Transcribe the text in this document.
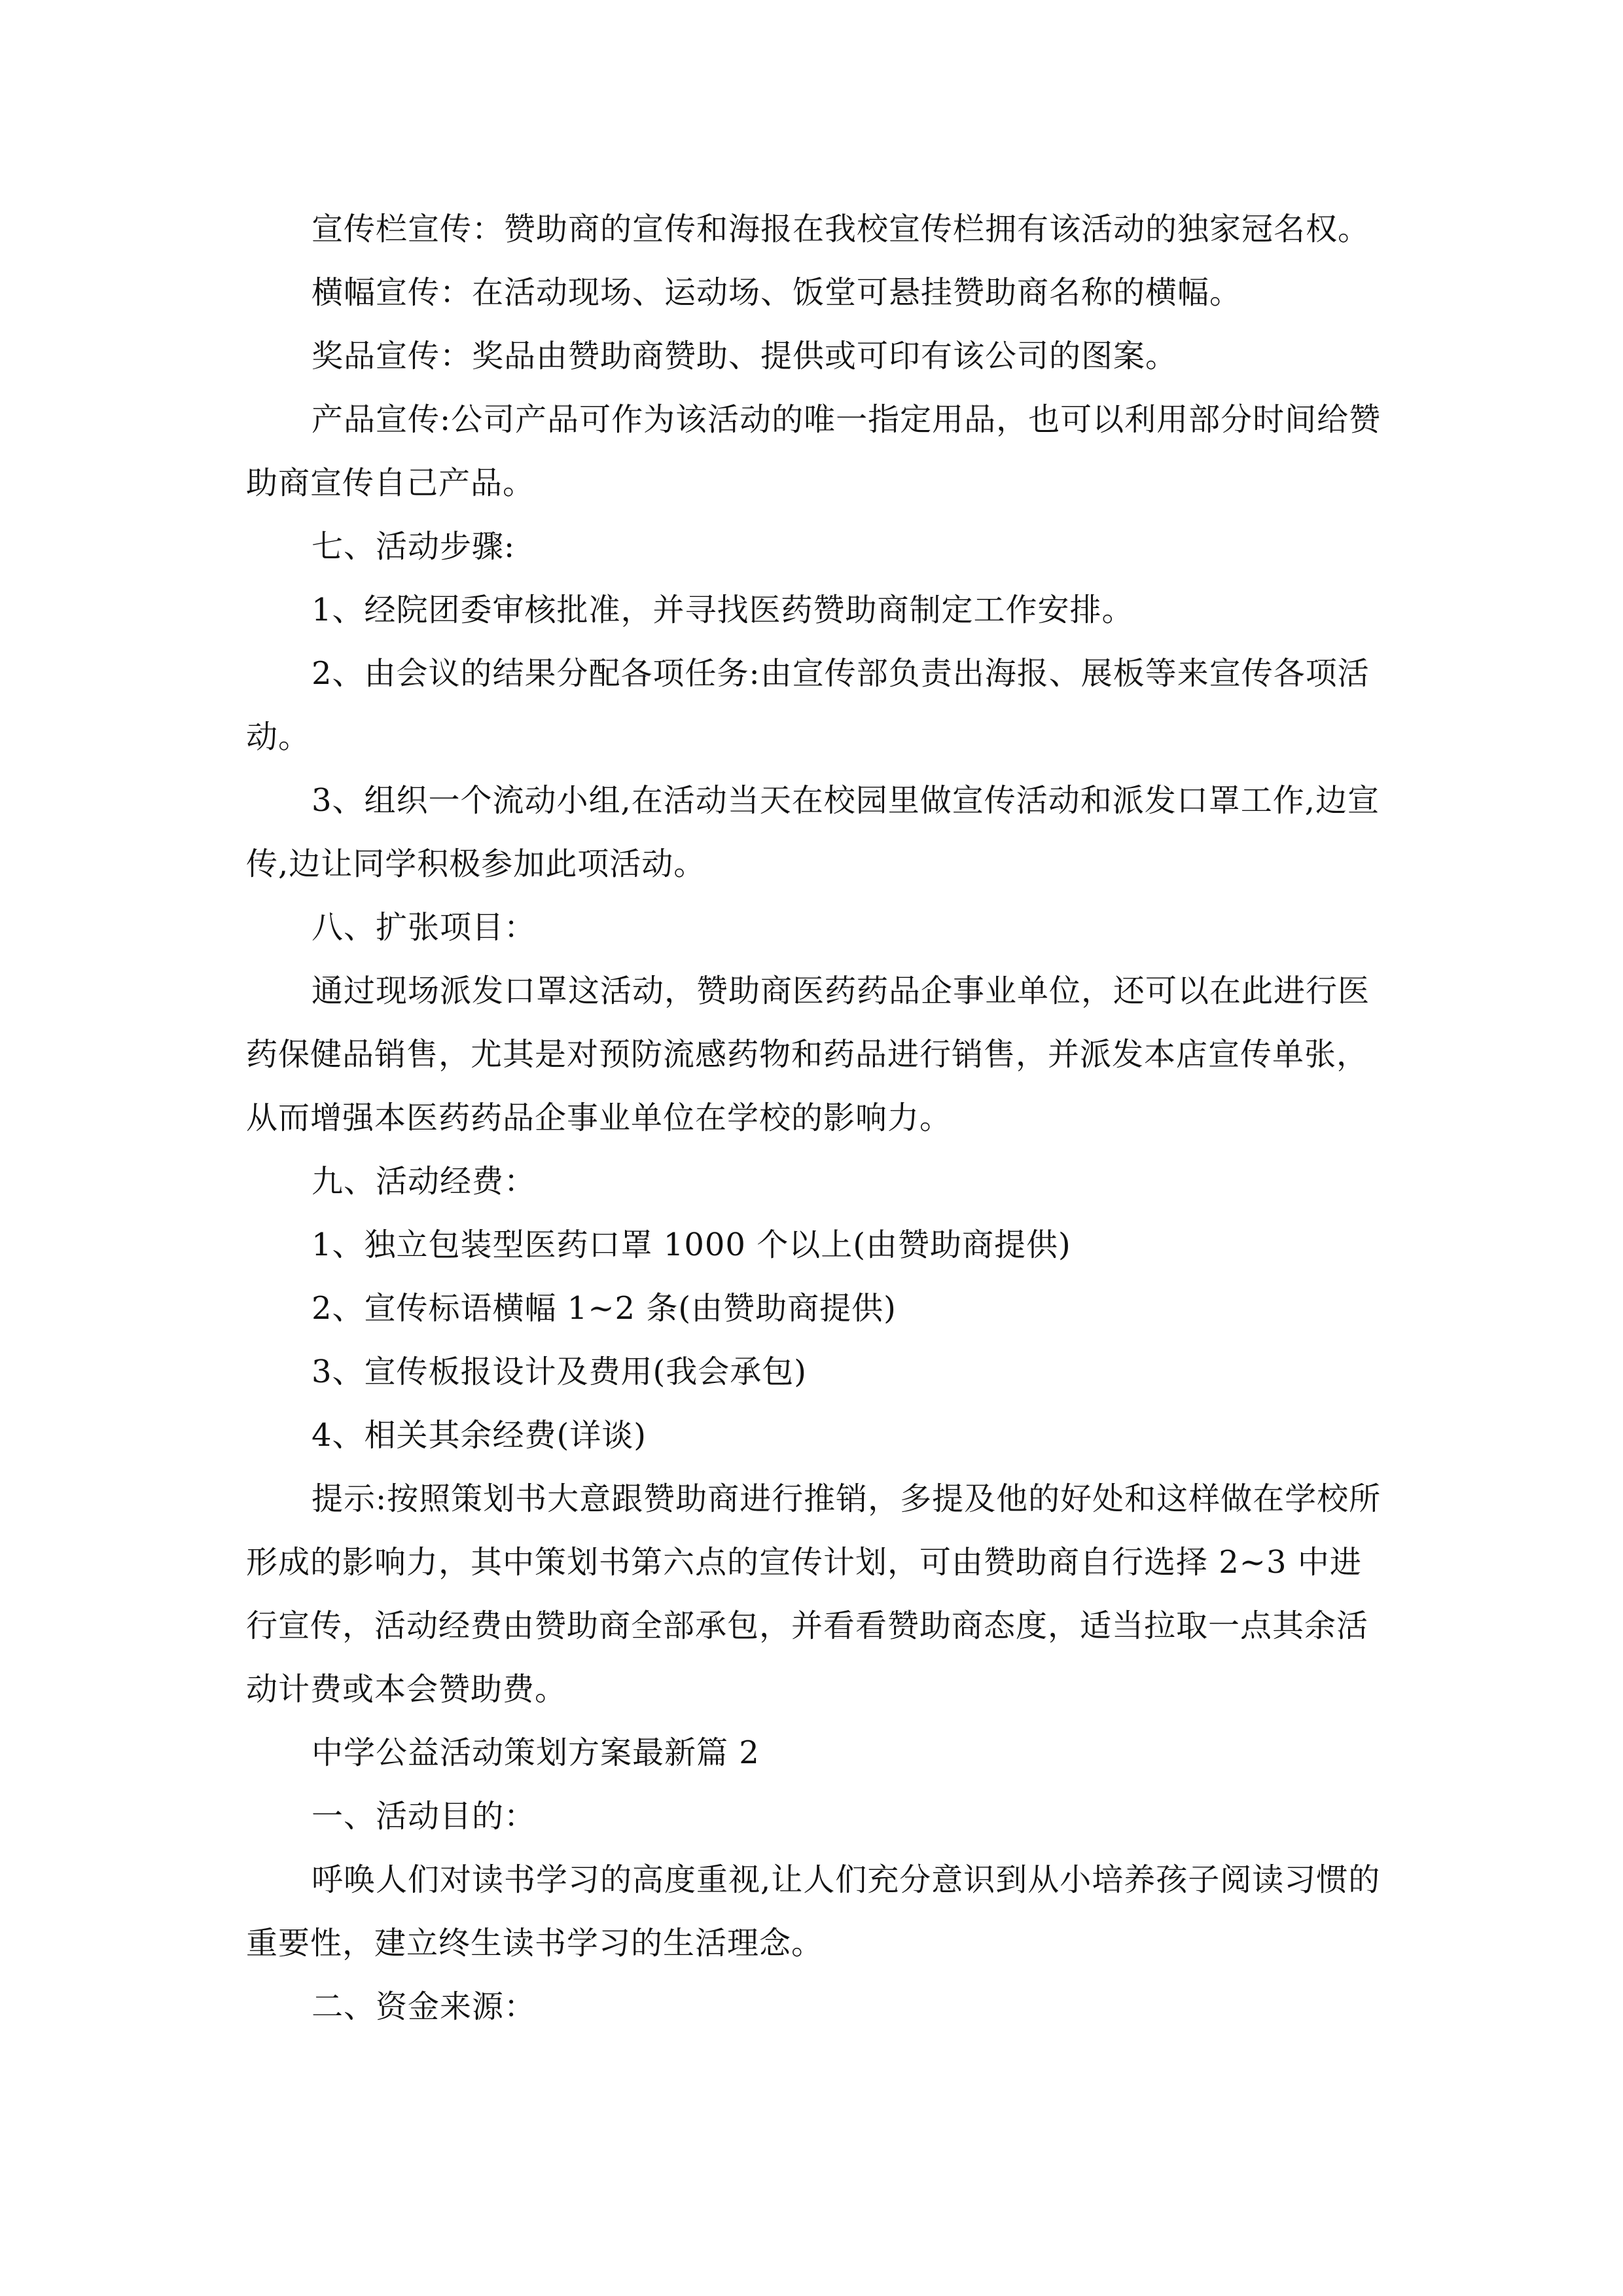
宣传栏宣传：赞助商的宣传和海报在我校宣传栏拥有该活动的独家冠名权。

横幅宣传：在活动现场、运动场、饭堂可悬挂赞助商名称的横幅。

奖品宣传：奖品由赞助商赞助、提供或可印有该公司的图案。

产品宣传:公司产品可作为该活动的唯一指定用品，也可以利用部分时间给赞助商宣传自己产品。

七、活动步骤:

1、经院团委审核批准，并寻找医药赞助商制定工作安排。

2、由会议的结果分配各项任务:由宣传部负责出海报、展板等来宣传各项活动。

3、组织一个流动小组,在活动当天在校园里做宣传活动和派发口罩工作,边宣传,边让同学积极参加此项活动。

八、扩张项目：

通过现场派发口罩这活动，赞助商医药药品企事业单位，还可以在此进行医药保健品销售，尤其是对预防流感药物和药品进行销售，并派发本店宣传单张，从而增强本医药药品企事业单位在学校的影响力。

九、活动经费：

1、独立包装型医药口罩 1000 个以上(由赞助商提供)

2、宣传标语横幅 1~2 条(由赞助商提供)

3、宣传板报设计及费用(我会承包)

4、相关其余经费(详谈)

提示:按照策划书大意跟赞助商进行推销，多提及他的好处和这样做在学校所形成的影响力，其中策划书第六点的宣传计划，可由赞助商自行选择 2~3 中进行宣传，活动经费由赞助商全部承包，并看看赞助商态度，适当拉取一点其余活动计费或本会赞助费。

中学公益活动策划方案最新篇 2

一、活动目的：

呼唤人们对读书学习的高度重视,让人们充分意识到从小培养孩子阅读习惯的重要性，建立终生读书学习的生活理念。

二、资金来源：
